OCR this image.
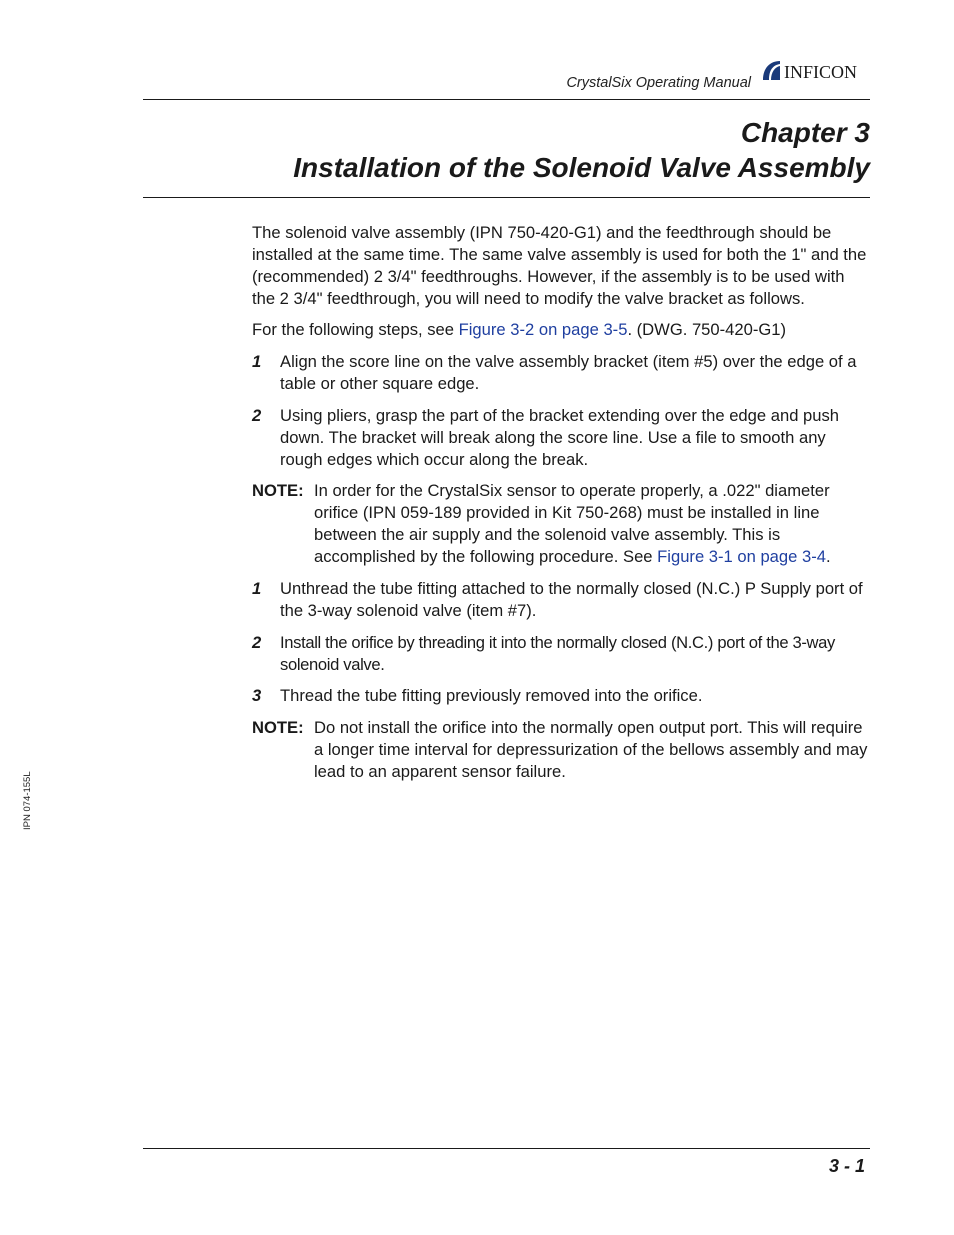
CrystalSix Operating Manual
INFICON
Chapter 3
Installation of the Solenoid Valve Assembly

The solenoid valve assembly (IPN 750-420-G1) and the feedthrough should be installed at the same time. The same valve assembly is used for both the 1" and the (recommended) 2 3/4" feedthroughs. However, if the assembly is to be used with the 2 3/4" feedthrough, you will need to modify the valve bracket as follows.

For the following steps, see Figure 3-2 on page 3-5. (DWG. 750-420-G1)

1 Align the score line on the valve assembly bracket (item #5) over the edge of a table or other square edge.
2 Using pliers, grasp the part of the bracket extending over the edge and push down. The bracket will break along the score line. Use a file to smooth any rough edges which occur along the break.
NOTE: In order for the CrystalSix sensor to operate properly, a .022" diameter orifice (IPN 059-189 provided in Kit 750-268) must be installed in line between the air supply and the solenoid valve assembly. This is accomplished by the following procedure. See Figure 3-1 on page 3-4.
1 Unthread the tube fitting attached to the normally closed (N.C.) P Supply port of the 3-way solenoid valve (item #7).
2 Install the orifice by threading it into the normally closed (N.C.) port of the 3-way solenoid valve.
3 Thread the tube fitting previously removed into the orifice.
NOTE: Do not install the orifice into the normally open output port. This will require a longer time interval for depressurization of the bellows assembly and may lead to an apparent sensor failure.
IPN 074-155L
3 - 1
